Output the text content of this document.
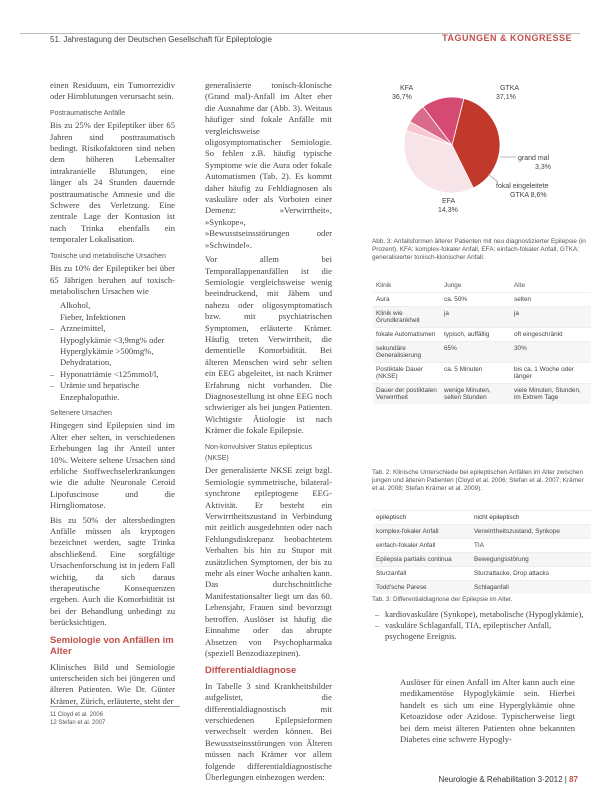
51. Jahrestagung der Deutschen Gesellschaft für Epileptologie	TAGUNGEN & KONGRESSE

einen Residuum, ein Tumorrezidiv oder Hirnblutungen verursacht sein.

Postraumatische Anfälle

Bis zu 25% der Epileptiker über 65 Jahren sind posttraumatisch bedingt. Risikofaktoren sind neben dem höheren Lebensalter intrakranielle Blutungen, eine länger als 24 Stunden dauernde posttraumatische Amnesie und die Schwere des Verletzung. Eine zentrale Lage der Kontusion ist nach Trinka ebenfalls ein temporaler Lokalisation.

Toxische und metabolische Ursachen

Bis zu 10% der Epileptiker bei über 65 Jährigen beruhen auf toxisch-metabolischen Ursachen wie

Alkohol,
Fieber, Infektionen
– Arzneimittel,
Hypoglykämie <3,9mg% oder Hyperglykämie >500mg%, Dehydratation,
– Hyponatriämie <125mmol/l,
– Urämie und hepatische Enzephalopathie.
Seltenere Ursachen

Hingegen sind Epilepsien sind im Alter eher selten, in verschiedenen Erhebungen lag ihr Anteil unter 10%. Weitere seltene Ursachen sind erbliche Stoffwechselerkrankungen wie die adulte Neuronale Ceroid Lipofuscinose und die Hirngliomatose.

Bis zu 50% der altersbedingten Anfälle müssen als kryptogen bezeichnet werden, sagte Trinka abschließend. Eine sorgfältige Ursachenforschung ist in jedem Fall wichtig, da sich daraus therapeutische Konsequenzen ergeben. Auch die Komorbidität ist bei der Behandlung unbedingt zu berücksichtigen.

Semiologie von Anfällen im Alter

Klinisches Bild und Semiologie unterscheiden sich bei jüngeren und älteren Patienten. Wie Dr. Günter Krämer, Zürich, erläuterte, steht der

11 Cloyd et al. 2006
12 Stefan et al. 2007

generalisierte tonisch-klonische (Grand mal)-Anfall im Alter eher die Ausnahme dar (Abb. 3). Weitaus häufiger sind fokale Anfälle mit vergleichsweise oligosymptomatischer Semiologie. So fehlen z.B. häufig typische Symptome wie die Aura oder fokale Automatismen (Tab. 2). Es kommt daher häufig zu Fehldiagnosen als vaskuläre oder als Vorboten einer Demenz: »Verwirrtheit«, »Synkope«, »Bewusstseinsstörungen oder »Schwindel«.

Vor allem bei Temporallappenanfällen ist die Semiologie vergleichsweise wenig beeindruckend, mit Jähem und nahezu oder oligosymptomatisch bzw. mit psychiatrischen Symptomen, erläuterte Krämer. Häufig treten Verwirrtheit, die dementielle Komorbidität. Bei älteren Menschen wird sehr selten ein EEG abgeleitet, ist nach Krämer Erfahrung nicht vorhanden. Die Diagnosestellung ist ohne EEG noch schwieriger als bei jungen Patienten. Wichtigste Ätiologie ist nach Krämer die fokale Epilepsie.

Non-konvulsiver Status epilepticus (NKSE)

Der generalisierte NKSE zeigt bzgl. Semiologie symmetrische, bilateral-synchrone epileptogene EEG-Aktivität. Er besteht ein Verwirrtheitszustand in Verbindung mit zeitlich ausgedehnten oder nach Fehlungsdiskrepanz beobachtetem Verhalten bis hin zu Stupor mit zusätzlichen Symptomen, der bis zu mehr als einer Woche anhalten kann. Das durchschnittliche Manifestationsalter liegt um das 60. Lebensjahr, Frauen sind bevorzugt betroffen. Auslöser ist häufig die Einnahme oder das abrupte Absetzen von Psychopharmaka (speziell Benzodiazepinen).

Differentialdiagnose

In Tabelle 3 sind Krankheitsbilder aufgelistet, die differentialdiagnostisch mit verschiedenen Epilepsieformen verwechselt werden können. Bei Bewusstseinsstörungen von Älteren müssen nach Krämer vor allem folgende differentialdiagnostische Überlegungen einbezogen werden:

KFA
36,7%
GTKA
37,1%
grand mal
3,3%
fokal eingeleitete
GTKA 8,6%
EFA
14,3%
Abb. 3: Anfallsformen älterer Patienten mit neu diagnostizierter Epilepsie (in Prozent). KFA: komplex-fokaler Anfall, EFA: einfach-fokaler Anfall, GTKA: generalisierter tonisch-klonischer Anfall.
Klinik	Junge	Alte
Aura	ca. 50%	selten
Klinik wie Grundkrankheit	ja	ja
fokale Automatismen	typisch, auffällig	oft eingeschränkt
sekundäre Generalisierung	65%	30%
Postiktale Dauer (NKSE)	ca. 5 Minuten	bis ca. 1 Woche oder länger
Dauer der postiktalen Verwirrtheit	wenige Minuten, selten Stunden	viele Minuten, Stunden, im Extrem Tage
Tab. 2: Klinische Unterschiede bei epileptischen Anfällen im Alter zwischen jungen und älteren Patienten (Cloyd et al. 2006; Stefan et al. 2007; Krämer et al. 2008; Stefan Krämer et al. 2009).
epileptisch	nicht epileptisch
komplex-fokaler Anfall	Verwirrtheitszustand, Synkope
einfach-fokaler Anfall	TIA
Epilepsia partialis continua	Bewegungsstörung
Sturzanfall	Sturzattacke, Drop attacks
Todd'sche Parese	Schlaganfall
Tab. 3: Differentialdiagnose der Epilepsie im Alter.
– kardiovaskuläre (Synkope), metabolische (Hypoglykämie),
– vaskuläre Schlaganfall, TIA, epileptischer Anfall, psychogene Ereignis.

Auslöser für einen Anfall im Alter kann auch eine medikamentöse Hypoglykämie sein. Hierbei handelt es sich um eine Hyperglykämie ohne Ketoazidose oder Azidose. Typischerweise liegt bei dem meist älteren Patienten ohne bekannten Diabetes eine schwere Hypogly-

Neurologie & Rehabilitation 3·2012 | 87
